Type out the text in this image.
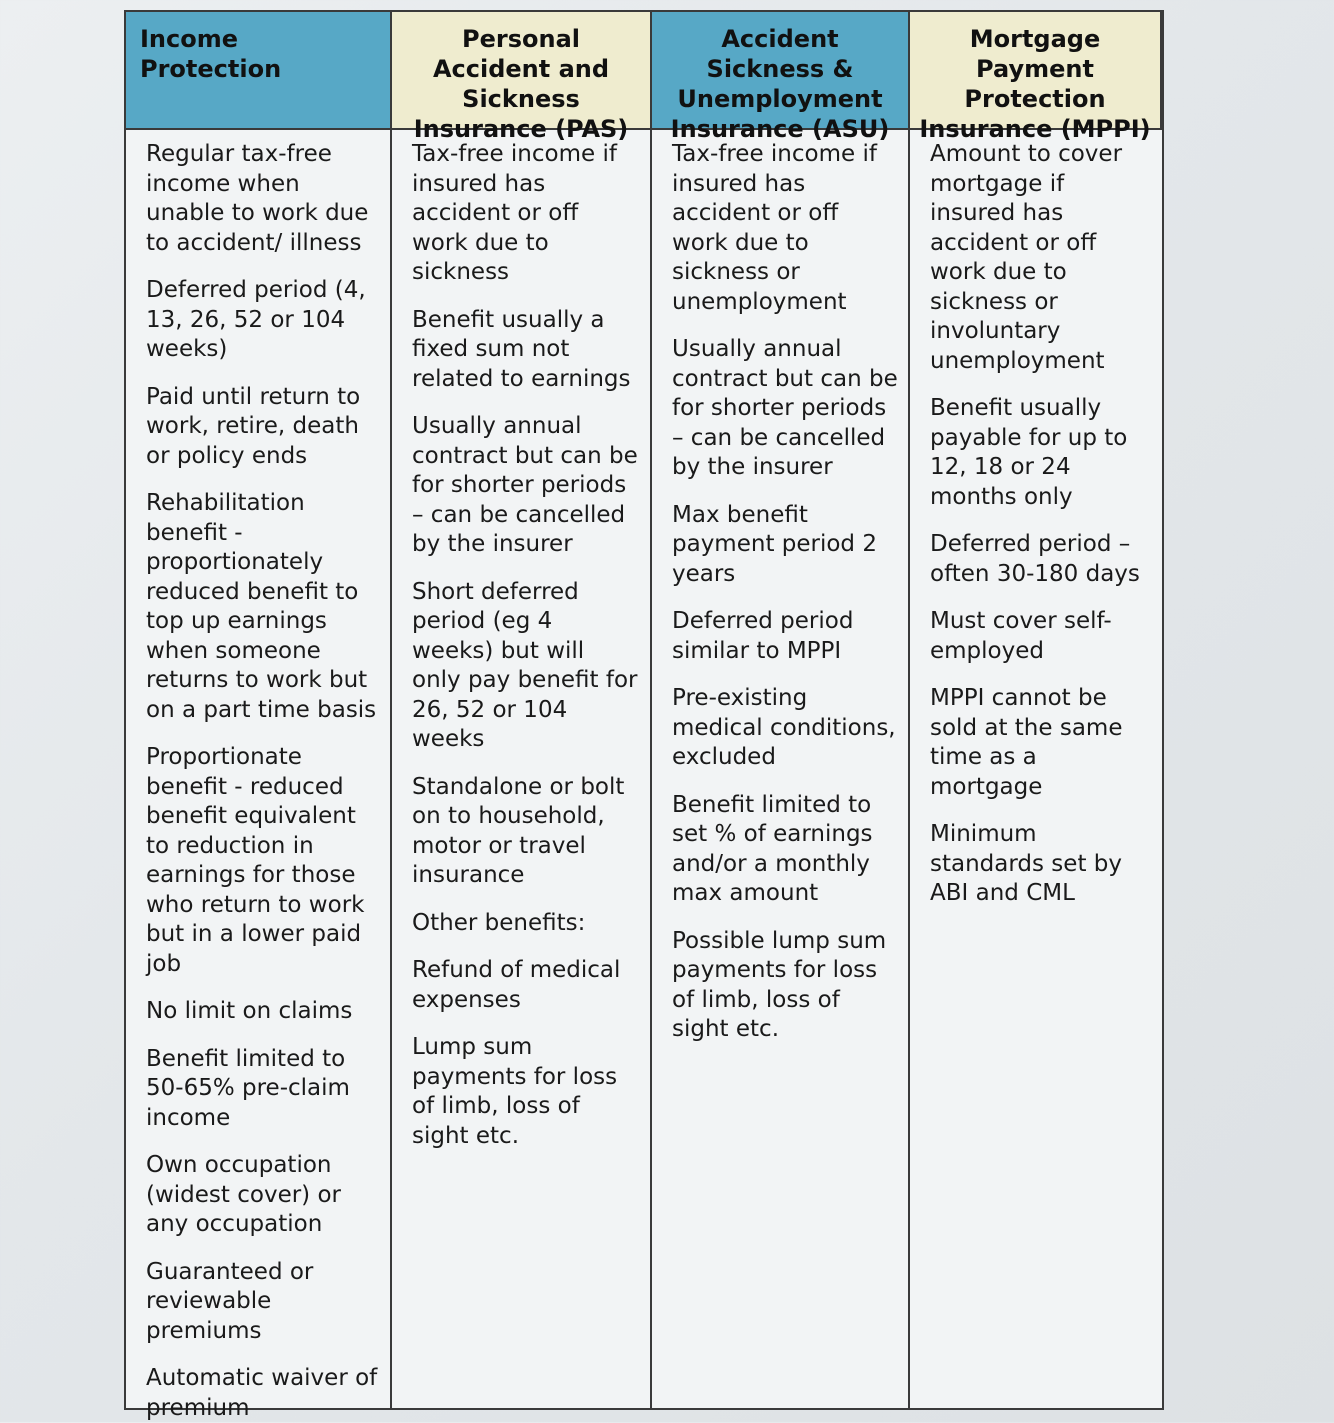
Income Protection
Personal Accident and Sickness Insurance (PAS)
Accident Sickness & Unemployment Insurance (ASU)
Mortgage Payment Protection Insurance (MPPI)
Regular tax-free income when unable to work due to accident/ illness
Deferred period (4, 13, 26, 52 or 104 weeks)
Paid until return to work, retire, death or policy ends
Rehabilitation benefit - proportionately reduced benefit to top up earnings when someone returns to work but on a part time basis
Proportionate benefit - reduced benefit equivalent to reduction in earnings for those who return to work but in a lower paid job
No limit on claims
Benefit limited to 50-65% pre-claim income
Own occupation (widest cover) or any occupation
Guaranteed or reviewable premiums
Automatic waiver of premium
Tax-free income if insured has accident or off work due to sickness
Benefit usually a fixed sum not related to earnings
Usually annual contract but can be for shorter periods – can be cancelled by the insurer
Short deferred period (eg 4 weeks) but will only pay benefit for 26, 52 or 104 weeks
Standalone or bolt on to household, motor or travel insurance
Other benefits:
Refund of medical expenses
Lump sum payments for loss of limb, loss of sight etc.
Tax-free income if insured has accident or off work due to sickness or unemployment
Usually annual contract but can be for shorter periods – can be cancelled by the insurer
Max benefit payment period 2 years
Deferred period similar to MPPI
Pre-existing medical conditions, excluded
Benefit limited to set % of earnings and/or a monthly max amount
Possible lump sum payments for loss of limb, loss of sight etc.
Amount to cover mortgage if insured has accident or off work due to sickness or involuntary unemployment
Benefit usually payable for up to 12, 18 or 24 months only
Deferred period – often 30-180 days
Must cover self-employed
MPPI cannot be sold at the same time as a mortgage
Minimum standards set by ABI and CML
